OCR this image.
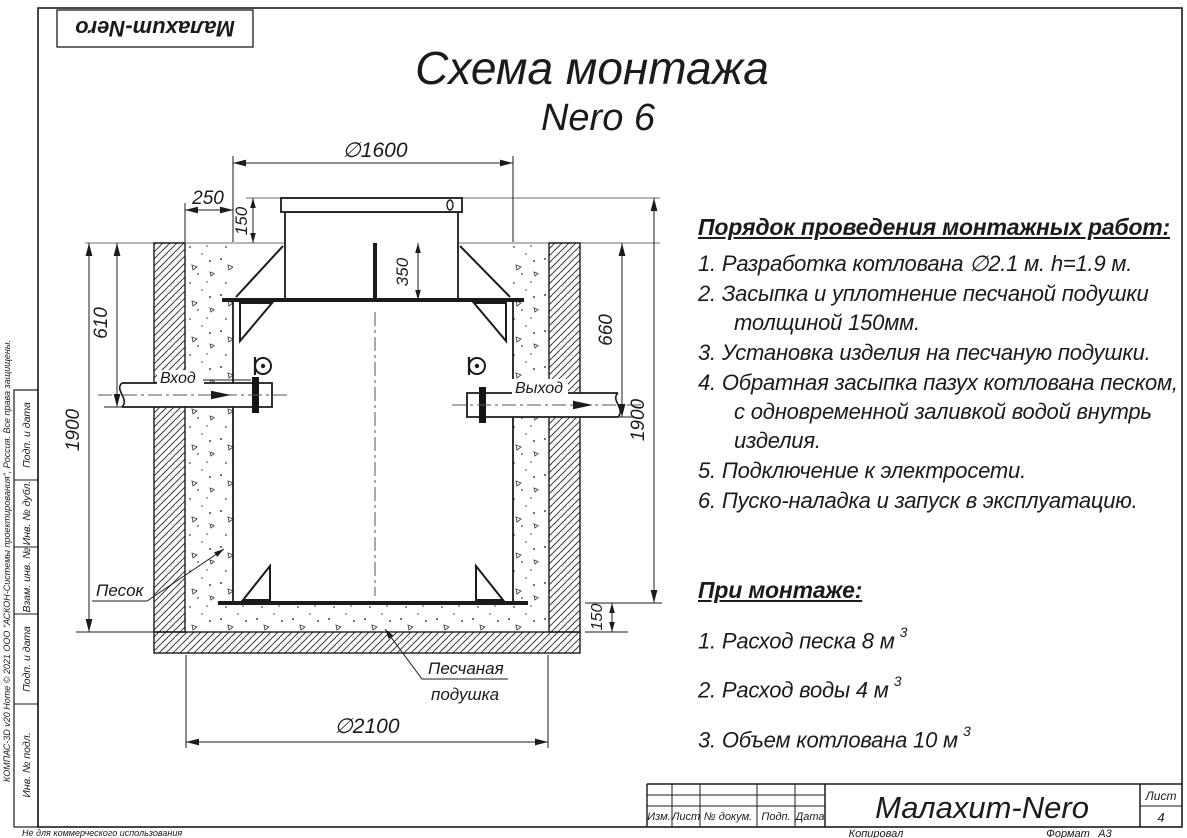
Малахит-Nero
Схема монтажа
Nero 6
Подп. и дата
Инв. № дубл.
Взам. инв. №
Подп. и дата
Инв. № подл.
КОМПАС-3D v20 Home © 2021 ООО "АСКОН-Системы проектирования", Россия. Все права защищены.
Не для коммерческого использования
Вход
Выход
∅1600
250
150
350
610
1900
660
1900
150
∅2100
Песок
Песчаная
подушка
Изм. Лист № докум. Подп. Дата Малахит-Nero	Лист
4
Копировал	Формат А3
Порядок проведения монтажных работ:
1. Разработка котлована ∅2.1 м. h=1.9 м.
2. Засыпка и уплотнение песчаной подушки толщиной 150мм.
3. Установка изделия на песчаную подушки.
4. Обратная засыпка пазух котлована песком, с одновременной заливкой водой внутрь изделия.
5. Подключение к электросети.
6. Пуско-наладка и запуск в эксплуатацию.
При монтаже:
1. Расход песка 8 м $^3$
2. Расход воды 4 м $^3$
3. Объем котлована 10 м $^3$
